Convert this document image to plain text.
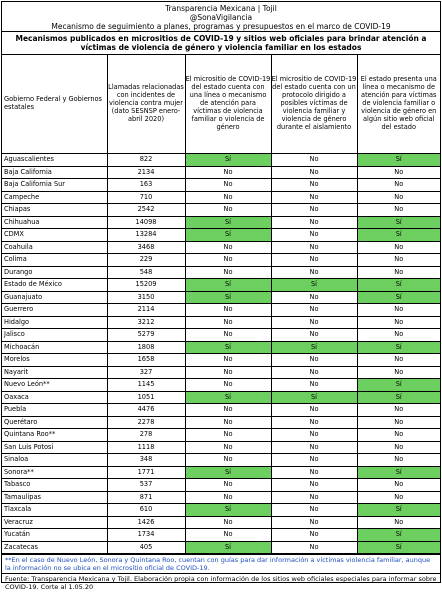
Transparencia Mexicana | Tojil
@SonaVigilancia
Mecanismo de seguimiento a planes, programas y presupuestos en el marco de COVID-19
Mecanismos publicados en micrositios de COVID-19 y sitios web oficiales para brindar atención a víctimas de violencia de género y violencia familiar en los estados
Gobierno Federal y Gobiernos estatales	Llamadas relacionadas con incidentes de violencia contra mujer (dato SESNSP enero-abril 2020)	El micrositio de COVID-19 del estado cuenta con una línea o mecanismo de atención para víctimas de violencia familiar o violencia de género	El micrositio de COVID-19 del estado cuenta con un protocolo dirigido a posibles víctimas de violencia familiar y violencia de género durante el aislamiento	El estado presenta una línea o mecanismo de atención para víctimas de violencia familiar o violencia de género en algún sitio web oficial del estado
Aguascalientes	822	Sí	No	Sí
Baja California	2134	No	No	No
Baja California Sur	163	No	No	No
Campeche	710	No	No	No
Chiapas	2542	No	No	No
Chihuahua	14098	Sí	No	Sí
CDMX	13284	Sí	No	Sí
Coahuila	3468	No	No	No
Colima	229	No	No	No
Durango	548	No	No	No
Estado de México	15209	Sí	Sí	Sí
Guanajuato	3150	Sí	No	Sí
Guerrero	2114	No	No	No
Hidalgo	3212	No	No	No
Jalisco	5279	No	No	No
Michoacán	1808	Sí	Sí	Sí
Morelos	1658	No	No	No
Nayarit	327	No	No	No
Nuevo León**	1145	No	No	Sí
Oaxaca	1051	Sí	Sí	Sí
Puebla	4476	No	No	No
Querétaro	2278	No	No	No
Quintana Roo**	278	No	No	No
San Luis Potosí	1118	No	No	No
Sinaloa	348	No	No	No
Sonora**	1771	Sí	No	Sí
Tabasco	537	No	No	No
Tamaulipas	871	No	No	No
Tlaxcala	610	Sí	No	Sí
Veracruz	1426	No	No	No
Yucatán	1734	No	No	Sí
Zacatecas	405	Sí	No	Sí
**En el caso de Nuevo León, Sonora y Quintana Roo, cuentan con guías para dar información a víctimas violencia familiar, aunque la información no se ubica en el micrositio oficial de COVID-19.
Fuente: Transparencia Mexicana y Tojil. Elaboración propia con información de los sitios web oficiales especiales para informar sobre COVID-19. Corte al 1.05.20
